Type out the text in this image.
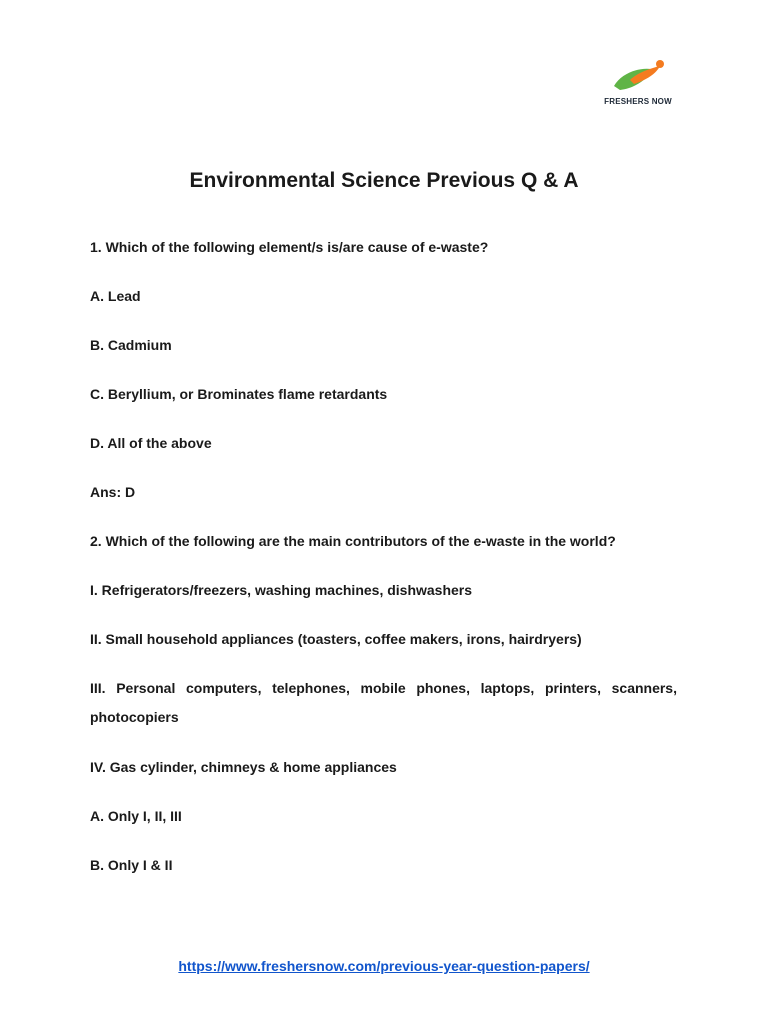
FRESHERS NOW
Environmental Science Previous Q & A
1. Which of the following element/s is/are cause of e-waste?
A. Lead
B. Cadmium
C. Beryllium, or Brominates flame retardants
D. All of the above
Ans: D
2. Which of the following are the main contributors of the e-waste in the world?
I. Refrigerators/freezers, washing machines, dishwashers
II. Small household appliances (toasters, coffee makers, irons, hairdryers)
III. Personal computers, telephones, mobile phones, laptops, printers, scanners, photocopiers
IV. Gas cylinder, chimneys & home appliances
A. Only I, II, III
B. Only I & II
https://www.freshersnow.com/previous-year-question-papers/
